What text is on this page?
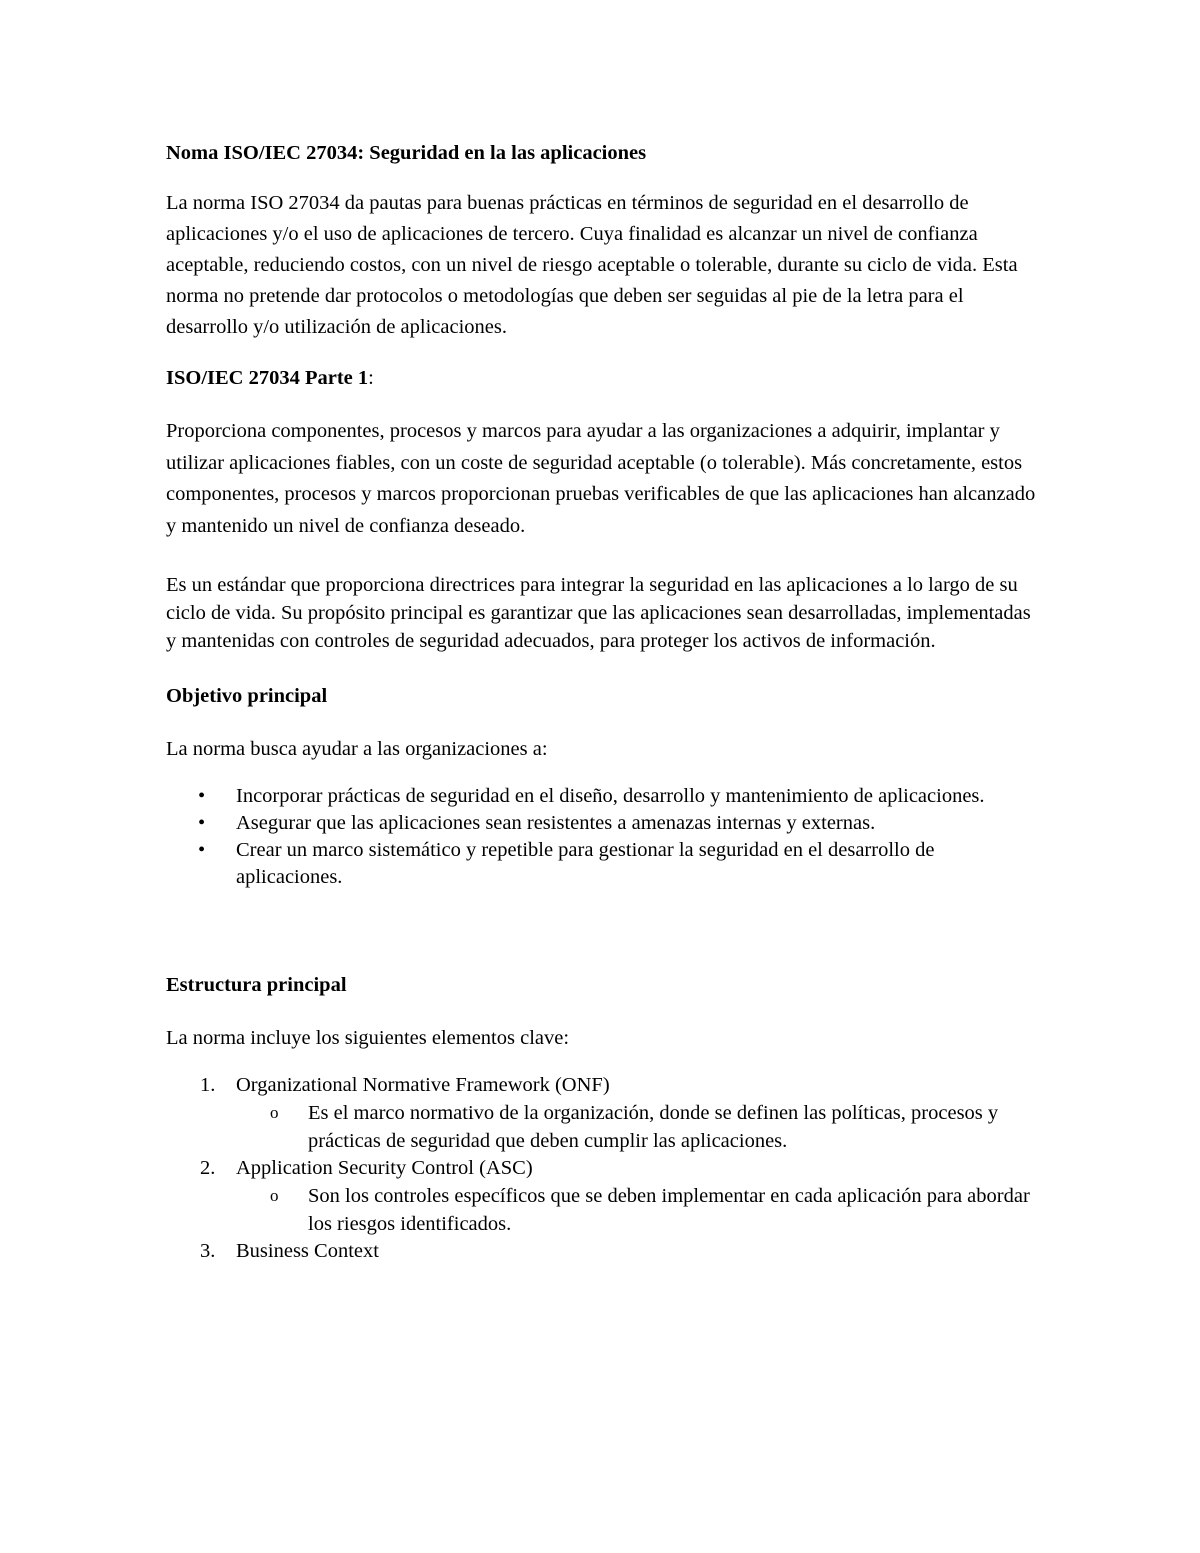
Noma ISO/IEC 27034: Seguridad en la las aplicaciones

La norma ISO 27034 da pautas para buenas prácticas en términos de seguridad en el desarrollo de aplicaciones y/o el uso de aplicaciones de tercero. Cuya finalidad es alcanzar un nivel de confianza aceptable, reduciendo costos, con un nivel de riesgo aceptable o tolerable, durante su ciclo de vida. Esta norma no pretende dar protocolos o metodologías que deben ser seguidas al pie de la letra para el desarrollo y/o utilización de aplicaciones.

ISO/IEC 27034 Parte 1:

Proporciona componentes, procesos y marcos para ayudar a las organizaciones a adquirir, implantar y utilizar aplicaciones fiables, con un coste de seguridad aceptable (o tolerable). Más concretamente, estos componentes, procesos y marcos proporcionan pruebas verificables de que las aplicaciones han alcanzado y mantenido un nivel de confianza deseado.

Es un estándar que proporciona directrices para integrar la seguridad en las aplicaciones a lo largo de su ciclo de vida. Su propósito principal es garantizar que las aplicaciones sean desarrolladas, implementadas y mantenidas con controles de seguridad adecuados, para proteger los activos de información.

Objetivo principal

La norma busca ayudar a las organizaciones a:

• Incorporar prácticas de seguridad en el diseño, desarrollo y mantenimiento de aplicaciones.
• Asegurar que las aplicaciones sean resistentes a amenazas internas y externas.
• Crear un marco sistemático y repetible para gestionar la seguridad en el desarrollo de aplicaciones.

Estructura principal

La norma incluye los siguientes elementos clave:

1. Organizational Normative Framework (ONF)
o Es el marco normativo de la organización, donde se definen las políticas, procesos y prácticas de seguridad que deben cumplir las aplicaciones.
2. Application Security Control (ASC)
o Son los controles específicos que se deben implementar en cada aplicación para abordar los riesgos identificados.
3. Business Context
